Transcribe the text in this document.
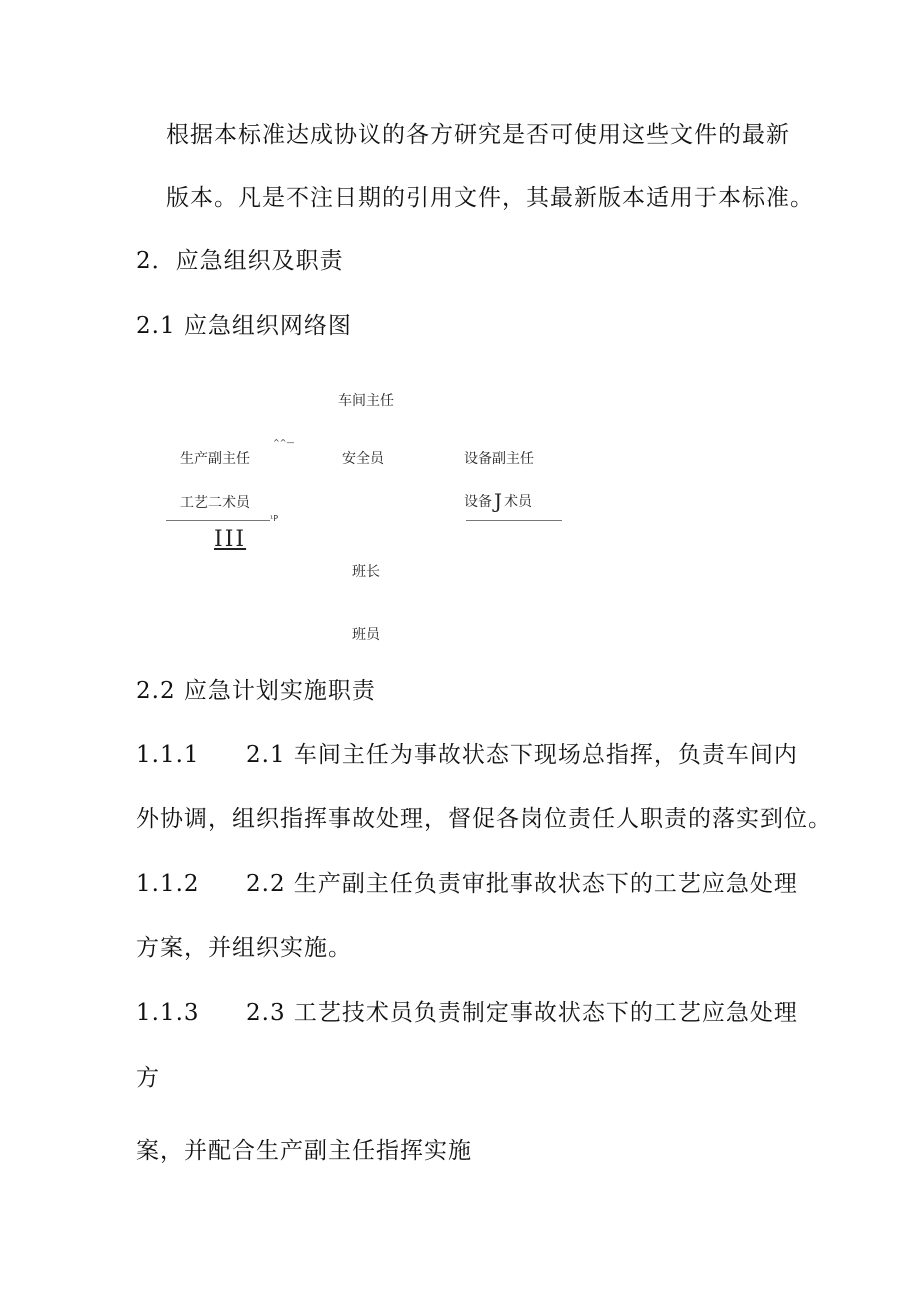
根据本标准达成协议的各方研究是否可使用这些文件的最新
版本。凡是不注日期的引用文件，其最新版本适用于本标准。
2．应急组织及职责
2.1 应急组织网络图
车间主任
^^—
生产副主任	安全员	设备副主任
工艺二术员
¹P
III
设备 J 术员
班长
班员
2.2 应急计划实施职责
1.1.1 2.1 车间主任为事故状态下现场总指挥，负责车间内
外协调，组织指挥事故处理，督促各岗位责任人职责的落实到位。
1.1.2 2.2 生产副主任负责审批事故状态下的工艺应急处理
方案，并组织实施。
1.1.3 2.3 工艺技术员负责制定事故状态下的工艺应急处理
方
案，并配合生产副主任指挥实施
